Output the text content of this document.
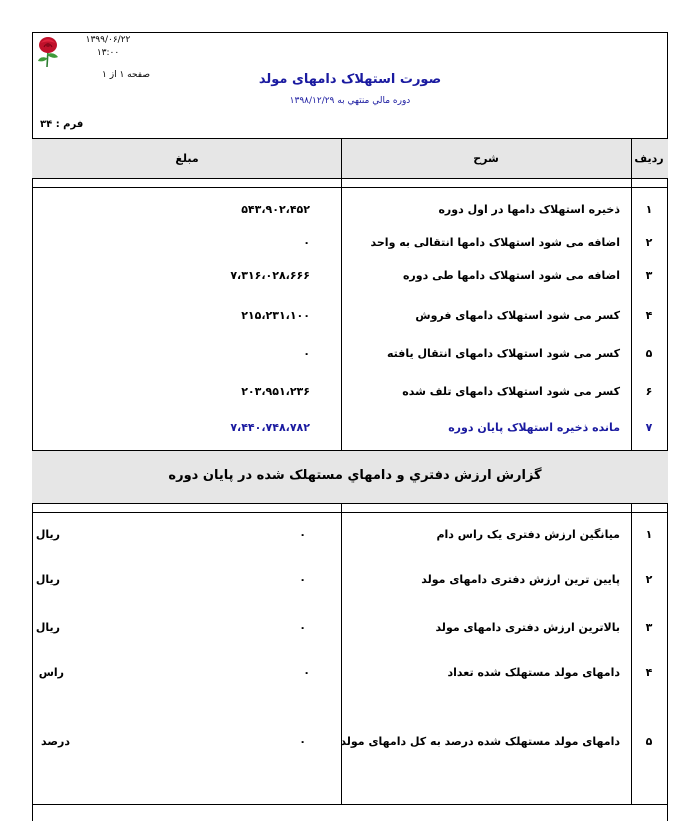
۱۳۹۹/۰۶/۲۲
۱۳:۰۰
صفحه ۱ از ۱	صورت استهلاک دامهای مولد
دوره مالي منتهي به ۱۳۹۸/۱۲/۲۹
فرم : ۳۴
رديف
شرح
مبلغ
۱
ذخیره استهلاک دامها در اول دوره
۵۴۳،۹۰۲،۴۵۲
۲
اضافه می شود استهلاک دامها انتقالی به واحد
۰
۳
اضافه می شود استهلاک دامها طی دوره
۷،۳۱۶،۰۲۸،۶۶۶
۴
کسر می شود استهلاک دامهای فروش
۲۱۵،۲۳۱،۱۰۰
۵
کسر می شود استهلاک دامهای انتقال یافته
۰
۶
کسر می شود استهلاک دامهای تلف شده
۲۰۳،۹۵۱،۲۳۶
۷
مانده ذخیره استهلاک پایان دوره
۷،۴۴۰،۷۴۸،۷۸۲
گزارش ارزش دفتري و دامهاي مستهلک شده در پايان دوره
۱
میانگین ارزش دفتری یک راس دام
۰
ریال
۲
پایین ترین ارزش دفتری دامهای مولد
۰
ریال
۳
بالاترین ارزش دفتری دامهای مولد
۰
ریال
۴
دامهای مولد مستهلک شده تعداد
۰
راس
۵
دامهای مولد مستهلک شده درصد به کل دامهای مولد
۰
درصد
